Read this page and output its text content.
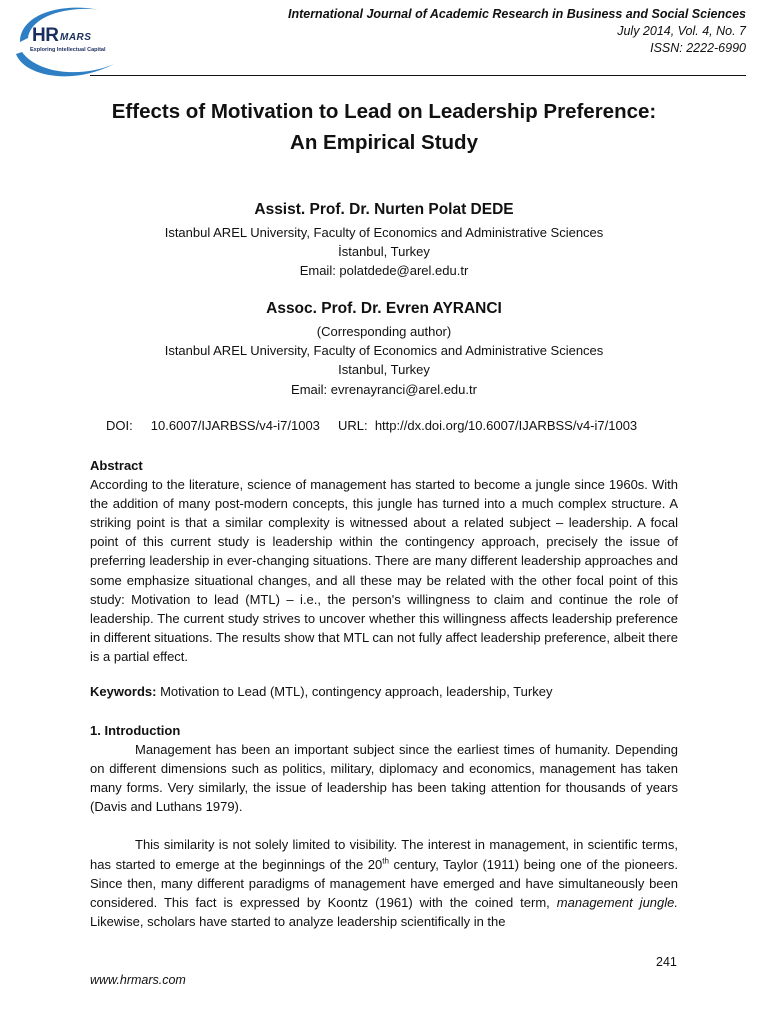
HR MARS
Exploring Intellectual Capital
International Journal of Academic Research in Business and Social Sciences
July 2014, Vol. 4, No. 7
ISSN: 2222-6990
Effects of Motivation to Lead on Leadership Preference:
An Empirical Study
Assist. Prof. Dr. Nurten Polat DEDE
Istanbul AREL University, Faculty of Economics and Administrative Sciences
İstanbul, Turkey
Email: polatdede@arel.edu.tr
Assoc. Prof. Dr. Evren AYRANCI
(Corresponding author)
Istanbul AREL University, Faculty of Economics and Administrative Sciences
Istanbul, Turkey
Email: evrenayranci@arel.edu.tr
DOI: 10.6007/IJARBSS/v4-i7/1003 URL: http://dx.doi.org/10.6007/IJARBSS/v4-i7/1003
Abstract
According to the literature, science of management has started to become a jungle since 1960s. With the addition of many post-modern concepts, this jungle has turned into a much complex structure. A striking point is that a similar complexity is witnessed about a related subject – leadership. A focal point of this current study is leadership within the contingency approach, precisely the issue of preferring leadership in ever-changing situations. There are many different leadership approaches and some emphasize situational changes, and all these may be related with the other focal point of this study: Motivation to lead (MTL) – i.e., the person's willingness to claim and continue the role of leadership. The current study strives to uncover whether this willingness affects leadership preference in different situations. The results show that MTL can not fully affect leadership preference, albeit there is a partial effect.
Keywords: Motivation to Lead (MTL), contingency approach, leadership, Turkey
1. Introduction

Management has been an important subject since the earliest times of humanity. Depending on different dimensions such as politics, military, diplomacy and economics, management has taken many forms. Very similarly, the issue of leadership has been taking attention for thousands of years (Davis and Luthans 1979).

This similarity is not solely limited to visibility. The interest in management, in scientific terms, has started to emerge at the beginnings of the 20th century, Taylor (1911) being one of the pioneers. Since then, many different paradigms of management have emerged and have simultaneously been considered. This fact is expressed by Koontz (1961) with the coined term, management jungle. Likewise, scholars have started to analyze leadership scientifically in the

241
www.hrmars.com
